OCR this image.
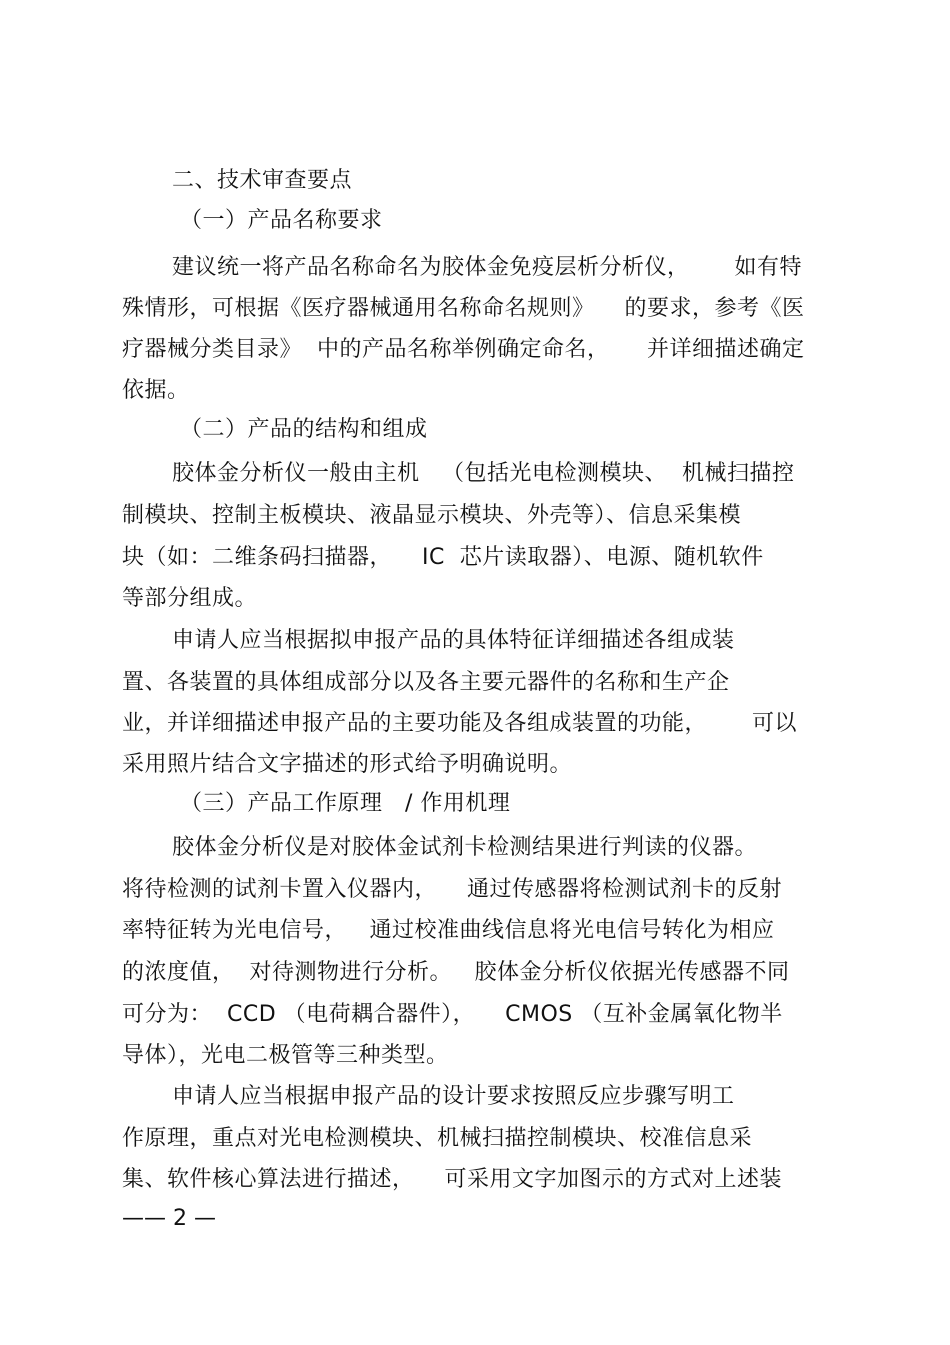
二、技术审查要点
（一）产品名称要求
建议统一将产品名称命名为胶体金免疫层析分析仪，      如有特
殊情形，可根据《医疗器械通用名称命名规则》    的要求，参考《医
疗器械分类目录》  中的产品名称举例确定命名，     并详细描述确定
依据。
（二）产品的结构和组成
胶体金分析仪一般由主机   （包括光电检测模块、  机械扫描控
制模块、控制主板模块、液晶显示模块、外壳等）、信息采集模
块（如：二维条码扫描器，    IC  芯片读取器）、电源、随机软件
等部分组成。
申请人应当根据拟申报产品的具体特征详细描述各组成装
置、各装置的具体组成部分以及各主要元器件的名称和生产企
业，并详细描述申报产品的主要功能及各组成装置的功能，      可以
采用照片结合文字描述的形式给予明确说明。
（三）产品工作原理   / 作用机理
胶体金分析仪是对胶体金试剂卡检测结果进行判读的仪器。
将待检测的试剂卡置入仪器内，    通过传感器将检测试剂卡的反射
率特征转为光电信号，   通过校准曲线信息将光电信号转化为相应
的浓度值，  对待测物进行分析。   胶体金分析仪依据光传感器不同
可分为：  CCD （电荷耦合器件），    CMOS （互补金属氧化物半
导体），光电二极管等三种类型。
申请人应当根据申报产品的设计要求按照反应步骤写明工
作原理，重点对光电检测模块、机械扫描控制模块、校准信息采
集、软件核心算法进行描述，    可采用文字加图示的方式对上述装
—— 2 —
